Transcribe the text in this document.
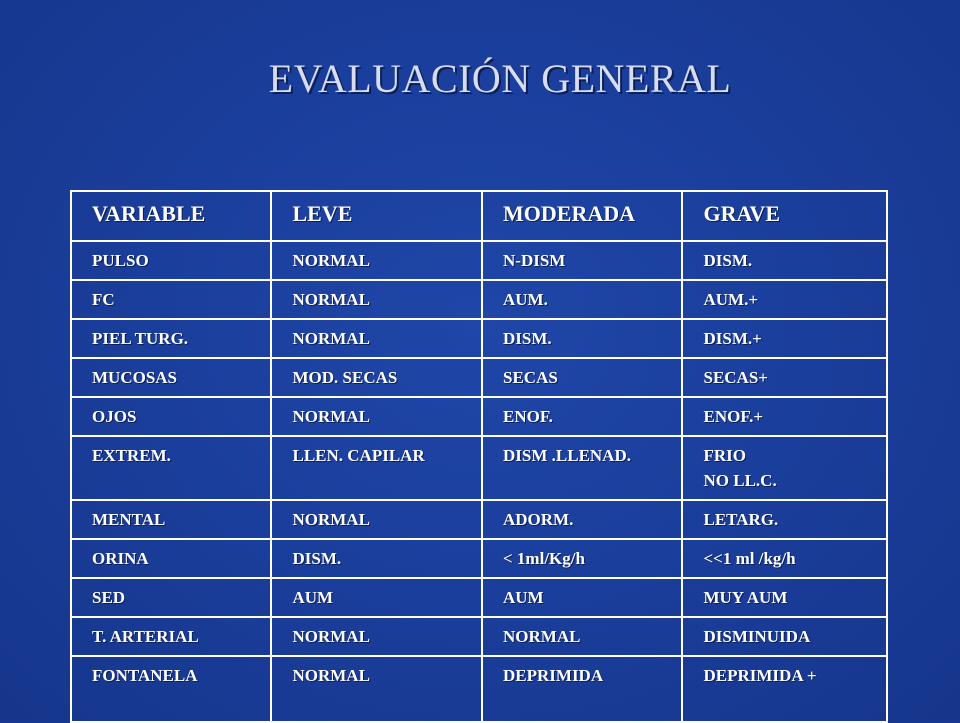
EVALUACIÓN GENERAL
VARIABLE	LEVE	MODERADA	GRAVE

PULSO	NORMAL	N-DISM	DISM.

FC	NORMAL	AUM.	AUM.+

PIEL TURG.	NORMAL	DISM.	DISM.+

MUCOSAS	MOD. SECAS	SECAS	SECAS+

OJOS	NORMAL	ENOF.	ENOF.+

EXTREM.	LLEN. CAPILAR	DISM .LLENAD.	FRIO
NO LL.C.

MENTAL	NORMAL	ADORM.	LETARG.

ORINA	DISM.	< 1ml/Kg/h	<<1 ml /kg/h

SED	AUM	AUM	MUY AUM

T. ARTERIAL	NORMAL	NORMAL	DISMINUIDA

FONTANELA	NORMAL	DEPRIMIDA	DEPRIMIDA +
